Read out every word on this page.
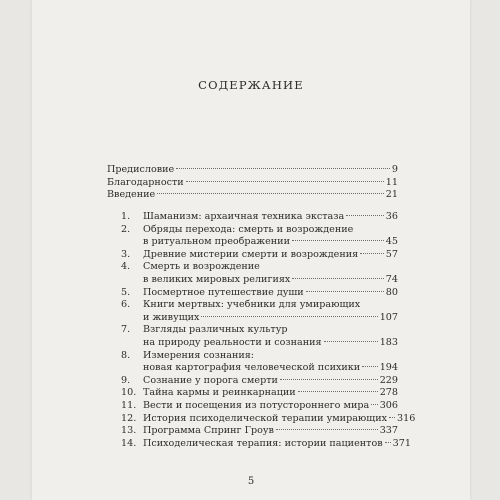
СОДЕРЖАНИЕ
Предисловие	9
Благодарности	11
Введение	21
1. Шаманизм: архаичная техника экстаза	36
2. Обряды перехода: смерть и возрождение
в ритуальном преображении	45
3. Древние мистерии смерти и возрождения	57
4. Смерть и возрождение
в великих мировых религиях	74
5. Посмертное путешествие души	80
6. Книги мертвых: учебники для умирающих
и живущих	107
7. Взгляды различных культур
на природу реальности и сознания	183
8. Измерения сознания:
новая картография человеческой психики 194
9. Сознание у порога смерти	229
10. Тайна кармы и реинкарнации	278
11. Вести и посещения из потустороннего мира 306
12. История психоделической терапии умирающих 316
13. Программа Спринг Гроув	337
14. Психоделическая терапия: истории пациентов 371
5
